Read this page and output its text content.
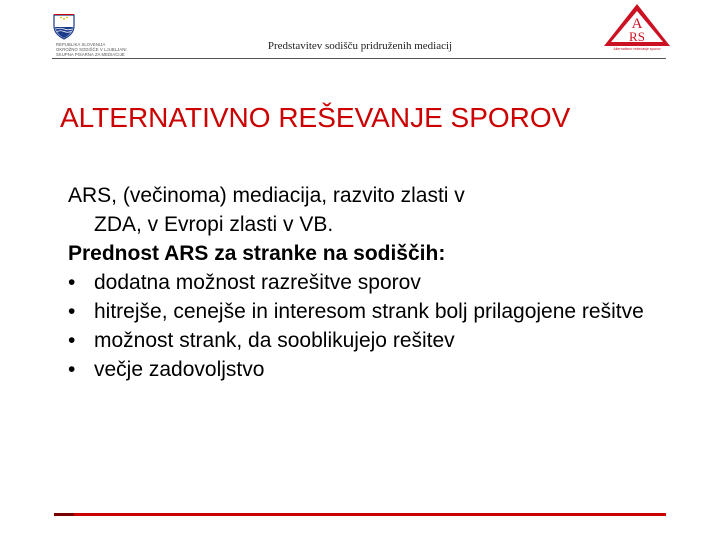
REPUBLIKA SLOVENIJA
OKROŽNO SODIŠČE V LJUBLJANI
SKUPNA PISARNA ZA MEDIACIJE
Predstavitev sodišču pridruženih mediacij
A
RS
Alternativno reševanje sporov
ALTERNATIVNO REŠEVANJE SPOROV
ARS, (večinoma) mediacija, razvito zlasti v
ZDA, v Evropi zlasti v VB.
Prednost ARS za stranke na sodiščih:
• dodatna možnost razrešitve sporov
• hitrejše, cenejše in interesom strank bolj prilagojene rešitve
• možnost strank, da sooblikujejo rešitev
• večje zadovoljstvo
